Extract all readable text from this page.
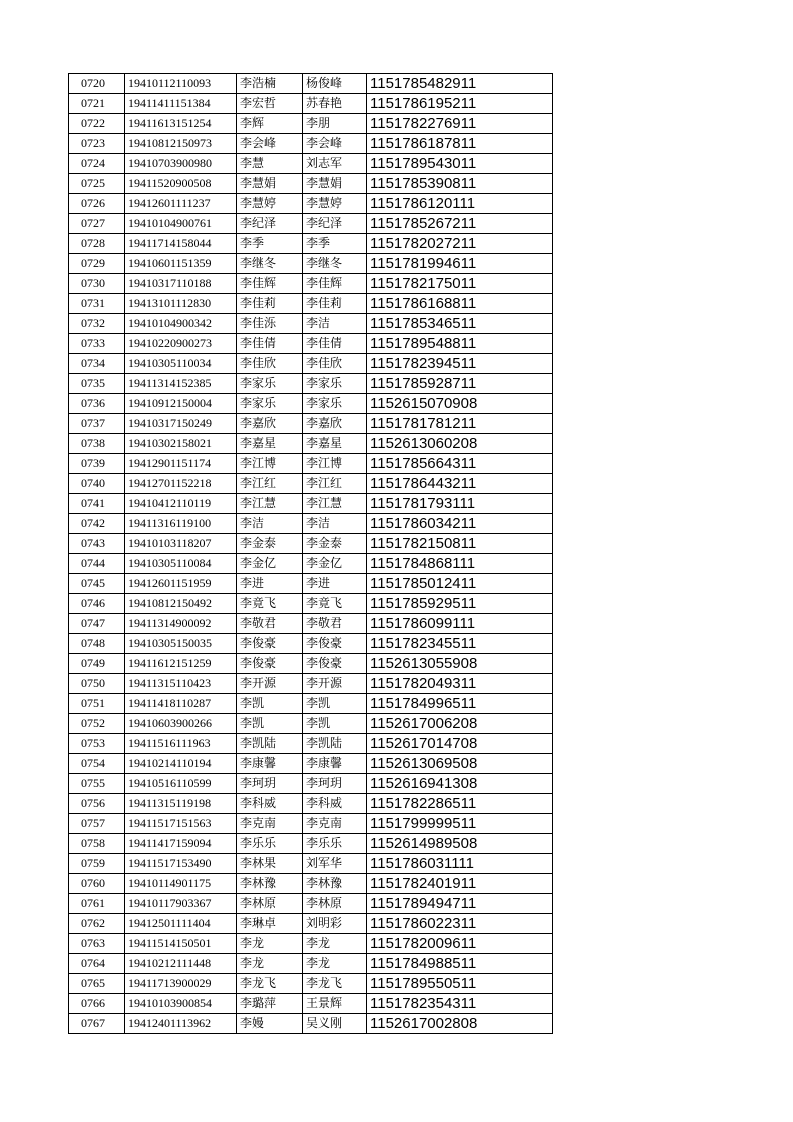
0720	19410112110093	李浩楠	杨俊峰	1151785482911
0721	19411411151384	李宏哲	苏春艳	1151786195211
0722	19411613151254	李辉	李朋	1151782276911
0723	19410812150973	李会峰	李会峰	1151786187811
0724	19410703900980	李慧	刘志军	1151789543011
0725	19411520900508	李慧娟	李慧娟	1151785390811
0726	19412601111237	李慧婷	李慧婷	1151786120111
0727	19410104900761	李纪泽	李纪泽	1151785267211
0728	19411714158044	李季	李季	1151782027211
0729	19410601151359	李继冬	李继冬	1151781994611
0730	19410317110188	李佳辉	李佳辉	1151782175011
0731	19413101112830	李佳莉	李佳莉	1151786168811
0732	19410104900342	李佳泺	李洁	1151785346511
0733	19410220900273	李佳倩	李佳倩	1151789548811
0734	19410305110034	李佳欣	李佳欣	1151782394511
0735	19411314152385	李家乐	李家乐	1151785928711
0736	19410912150004	李家乐	李家乐	1152615070908
0737	19410317150249	李嘉欣	李嘉欣	1151781781211
0738	19410302158021	李嘉星	李嘉星	1152613060208
0739	19412901151174	李江博	李江博	1151785664311
0740	19412701152218	李江红	李江红	1151786443211
0741	19410412110119	李江慧	李江慧	1151781793111
0742	19411316119100	李洁	李洁	1151786034211
0743	19410103118207	李金泰	李金泰	1151782150811
0744	19410305110084	李金亿	李金亿	1151784868111
0745	19412601151959	李进	李进	1151785012411
0746	19410812150492	李竟飞	李竟飞	1151785929511
0747	19411314900092	李敬君	李敬君	1151786099111
0748	19410305150035	李俊豪	李俊豪	1151782345511
0749	19411612151259	李俊豪	李俊豪	1152613055908
0750	19411315110423	李开源	李开源	1151782049311
0751	19411418110287	李凯	李凯	1151784996511
0752	19410603900266	李凯	李凯	1152617006208
0753	19411516111963	李凯陆	李凯陆	1152617014708
0754	19410214110194	李康馨	李康馨	1152613069508
0755	19410516110599	李珂玥	李珂玥	1152616941308
0756	19411315119198	李科威	李科威	1151782286511
0757	19411517151563	李克南	李克南	1151799999511
0758	19411417159094	李乐乐	李乐乐	1152614989508
0759	19411517153490	李林果	刘军华	1151786031111
0760	19410114901175	李林豫	李林豫	1151782401911
0761	19410117903367	李林原	李林原	1151789494711
0762	19412501111404	李琳卓	刘明彩	1151786022311
0763	19411514150501	李龙	李龙	1151782009611
0764	19410212111448	李龙	李龙	1151784988511
0765	19411713900029	李龙飞	李龙飞	1151789550511
0766	19410103900854	李璐萍	王景辉	1151782354311
0767	19412401113962	李嫚	吴义刚	1152617002808
